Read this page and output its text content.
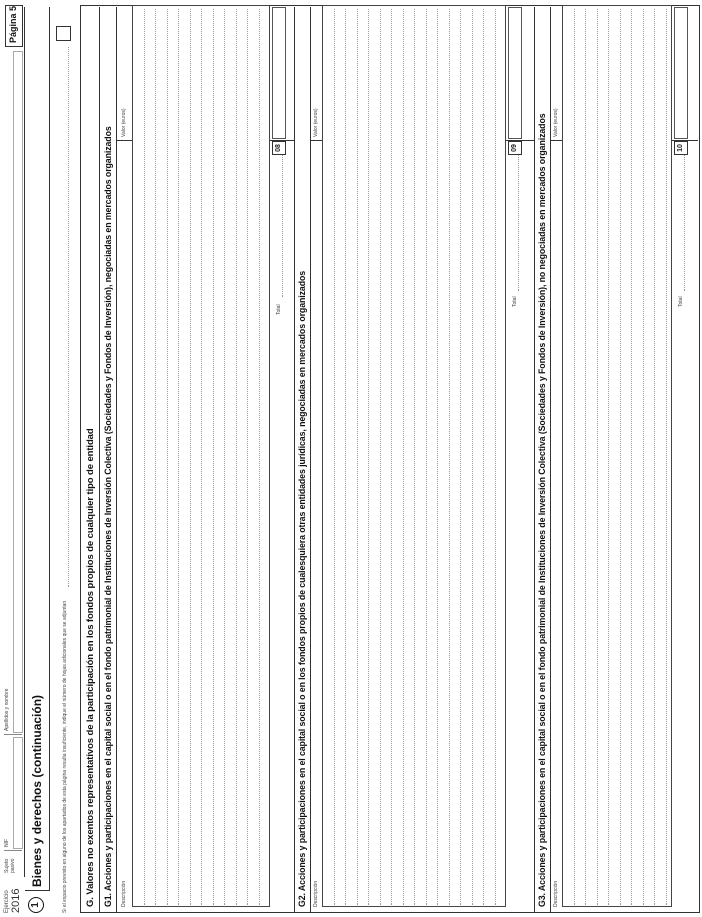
Ejercicio 2016
Sujeto pasivo
NIF
Apellidos y nombre
Página 5
1
Bienes y derechos (continuación)	Si el espacio previsto en alguno de los apartados de esta página resulta insuficiente, indique el número de hojas adicionales que se adjuntan G. Valores no exentos representativos de la participación en los fondos propios de cualquier tipo de entidad G1. Acciones y participaciones en el capital social o en el fondo patrimonial de Instituciones de Inversión Colectiva (Sociedades y Fondos de Inversión), negociadas en mercados organizados Descripción
Valor (euros)
Total
08
G2. Acciones y participaciones en el capital social o en los fondos propios de cualesquiera otras entidades jurídicas, negociadas en mercados organizados Descripción
Valor (euros)
Total
09	G3. Acciones y participaciones en el capital social o en el fondo patrimonial de Instituciones de Inversión Colectiva (Sociedades y Fondos de Inversión), no negociadas en mercados organizados Descripción
Valor (euros)
Total
10
